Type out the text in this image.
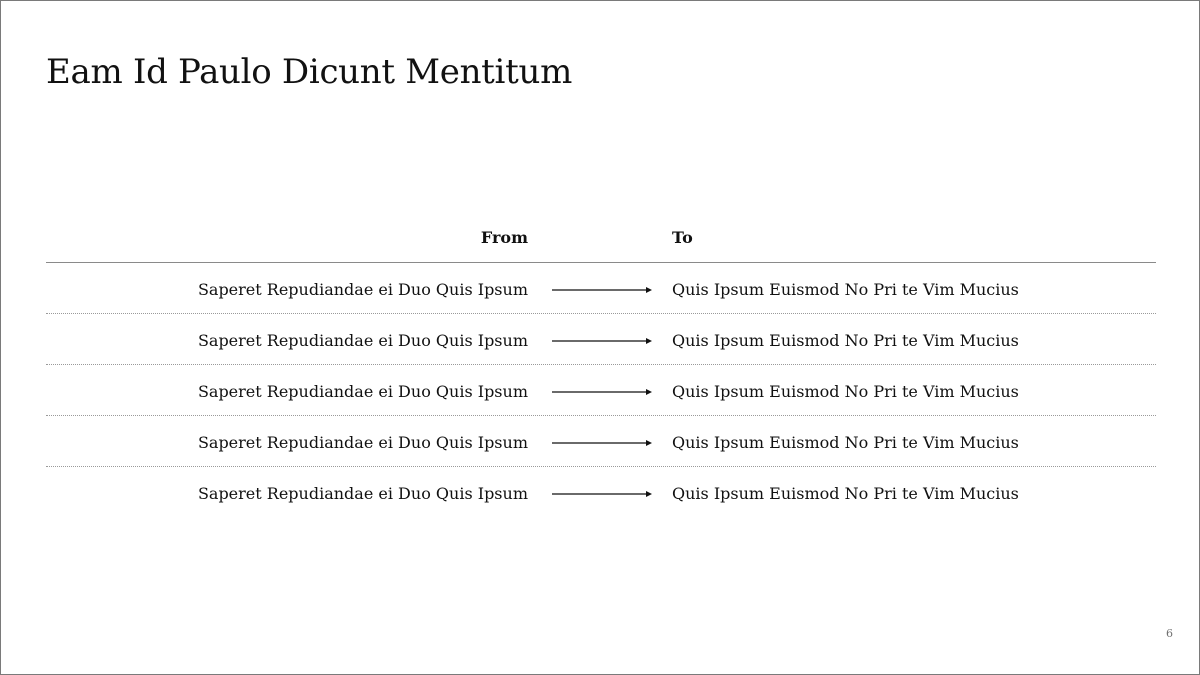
Eam Id Paulo Dicunt Mentitum
From	To
Saperet Repudiandae ei Duo Quis Ipsum	Quis Ipsum Euismod No Pri te Vim Mucius
Saperet Repudiandae ei Duo Quis Ipsum	Quis Ipsum Euismod No Pri te Vim Mucius
Saperet Repudiandae ei Duo Quis Ipsum	Quis Ipsum Euismod No Pri te Vim Mucius
Saperet Repudiandae ei Duo Quis Ipsum	Quis Ipsum Euismod No Pri te Vim Mucius
Saperet Repudiandae ei Duo Quis Ipsum	Quis Ipsum Euismod No Pri te Vim Mucius
6
